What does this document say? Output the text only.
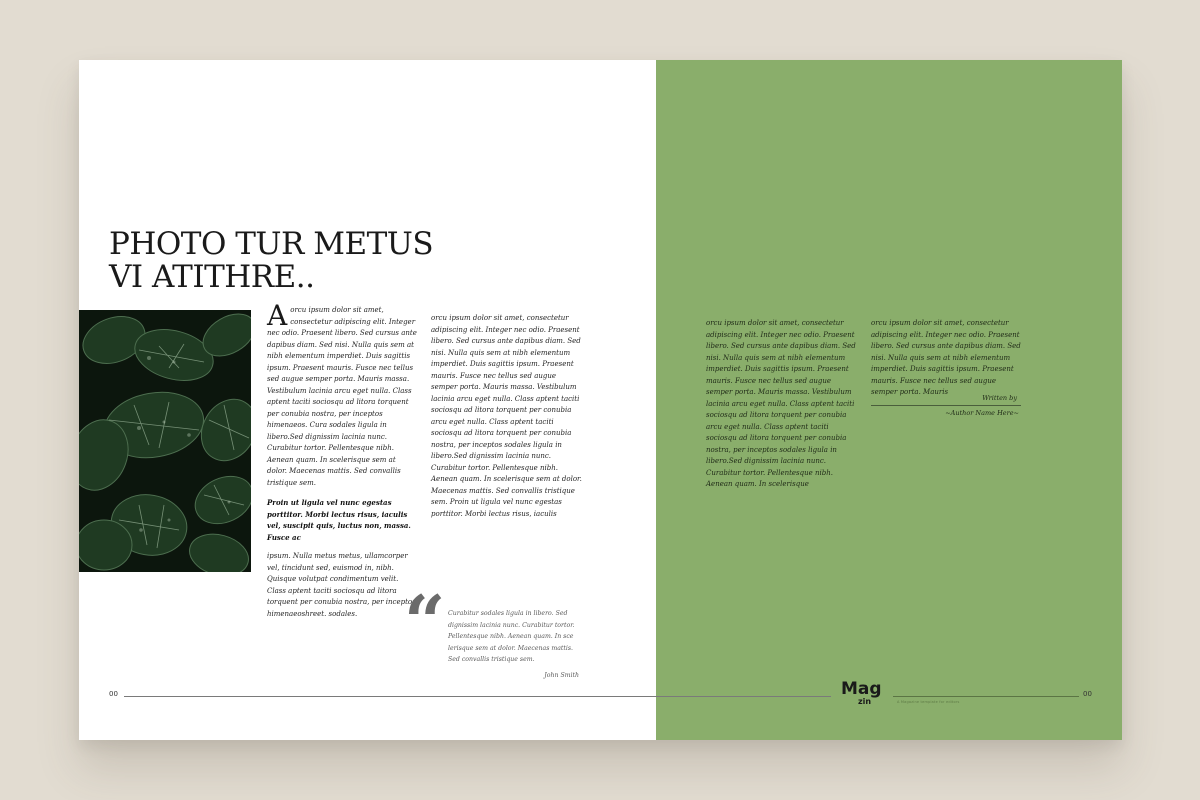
PHOTO TUR METUS
VI ATITHRE..
A orcu ipsum dolor sit amet, consectetur adipiscing elit. Integer nec odio. Praesent libero. Sed cursus ante dapibus diam. Sed nisi. Nulla quis sem at nibh elementum imperdiet. Duis sagittis ipsum. Praesent mauris. Fusce nec tellus sed augue semper porta. Mauris massa. Vestibulum lacinia arcu eget nulla. Class aptent taciti sociosqu ad litora torquent per conubia nostra, per inceptos himenaeos. Cura sodales ligula in libero.Sed dignissim lacinia nunc. Curabitur tortor. Pellentesque nibh. Aenean quam. In scelerisque sem at dolor. Maecenas mattis. Sed convallis tristique sem.

Proin ut ligula vel nunc egestas porttitor. Morbi lectus risus, iaculis vel, suscipit quis, luctus non, massa. Fusce ac

ipsum. Nulla metus metus, ullamcorper vel, tincidunt sed, euismod in, nibh. Quisque volutpat condimentum velit. Class aptent taciti sociosqu ad litora torquent per conubia nostra, per inceptos himenaeoshreet. sodales.

orcu ipsum dolor sit amet, consectetur adipiscing elit. Integer nec odio. Praesent libero. Sed cursus ante dapibus diam. Sed nisi. Nulla quis sem at nibh elementum imperdiet. Duis sagittis ipsum. Praesent mauris. Fusce nec tellus sed augue semper porta. Mauris massa. Vestibulum lacinia arcu eget nulla. Class aptent taciti sociosqu ad litora torquent per conubia arcu eget nulla. Class aptent taciti sociosqu ad litora torquent per conubia nostra, per inceptos sodales ligula in libero.Sed dignissim lacinia nunc. Curabitur tortor. Pellentesque nibh. Aenean quam. In scelerisque sem at dolor. Maecenas mattis. Sed convallis tristique sem. Proin ut ligula vel nunc egestas porttitor. Morbi lectus risus, iaculis

“ Curabitur sodales ligula in libero. Sed dignissim lacinia nunc. Curabitur tortor. Pellentesque nibh. Aenean quam. In sce lerisque sem at dolor. Maecenas mattis. Sed convallis tristique sem.

John Smith

orcu ipsum dolor sit amet, consectetur adipiscing elit. Integer nec odio. Praesent libero. Sed cursus ante dapibus diam. Sed nisi. Nulla quis sem at nibh elementum imperdiet. Duis sagittis ipsum. Praesent mauris. Fusce nec tellus sed augue semper porta. Mauris massa. Vestibulum lacinia arcu eget nulla. Class aptent taciti sociosqu ad litora torquent per conubia arcu eget nulla. Class aptent taciti sociosqu ad litora torquent per conubia nostra, per inceptos sodales ligula in libero.Sed dignissim lacinia nunc. Curabitur tortor. Pellentesque nibh. Aenean quam. In scelerisque

orcu ipsum dolor sit amet, consectetur adipiscing elit. Integer nec odio. Praesent libero. Sed cursus ante dapibus diam. Sed nisi. Nulla quis sem at nibh elementum imperdiet. Duis sagittis ipsum. Praesent mauris. Fusce nec tellus sed augue semper porta. Mauris

Written by
~Author Name Here~
00	00
Mag
zin	A Magazine template for editors
